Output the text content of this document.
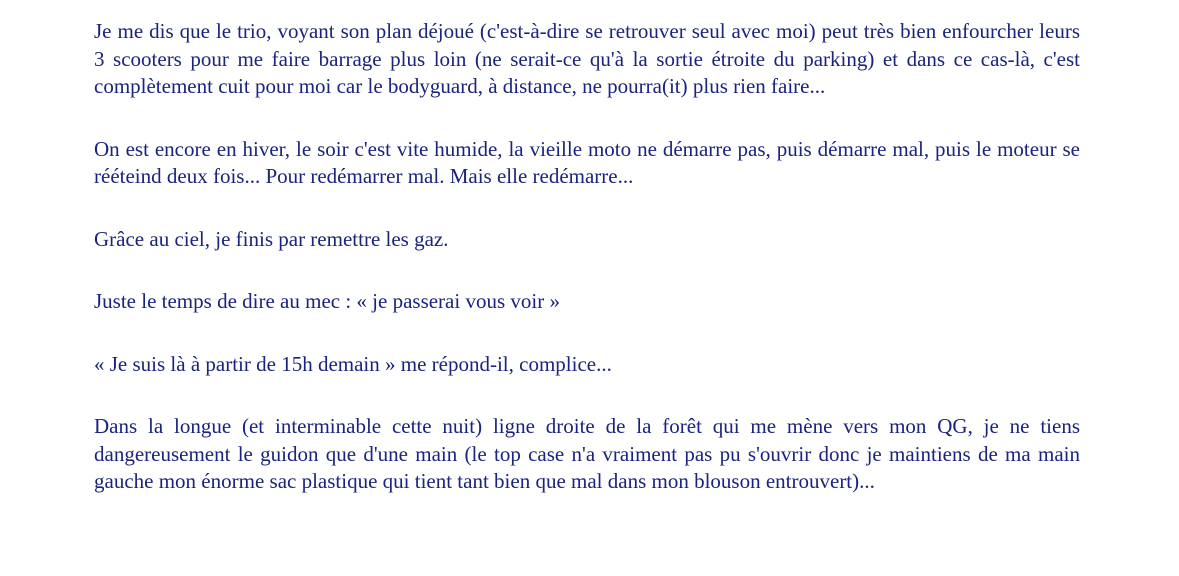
Je me dis que le trio, voyant son plan déjoué (c'est-à-dire se retrouver seul avec moi) peut très bien enfourcher leurs 3 scooters pour me faire barrage plus loin (ne serait-ce qu'à la sortie étroite du parking) et dans ce cas-là, c'est complètement cuit pour moi car le bodyguard, à distance, ne pourra(it) plus rien faire...

On est encore en hiver, le soir c'est vite humide, la vieille moto ne démarre pas, puis démarre mal, puis le moteur se rééteind deux fois... Pour redémarrer mal. Mais elle redémarre...

Grâce au ciel, je finis par remettre les gaz.

Juste le temps de dire au mec : « je passerai vous voir »

« Je suis là à partir de 15h demain » me répond-il, complice...

Dans la longue (et interminable cette nuit) ligne droite de la forêt qui me mène vers mon QG, je ne tiens dangereusement le guidon que d'une main (le top case n'a vraiment pas pu s'ouvrir donc je maintiens de ma main gauche mon énorme sac plastique qui tient tant bien que mal dans mon blouson entrouvert)...
